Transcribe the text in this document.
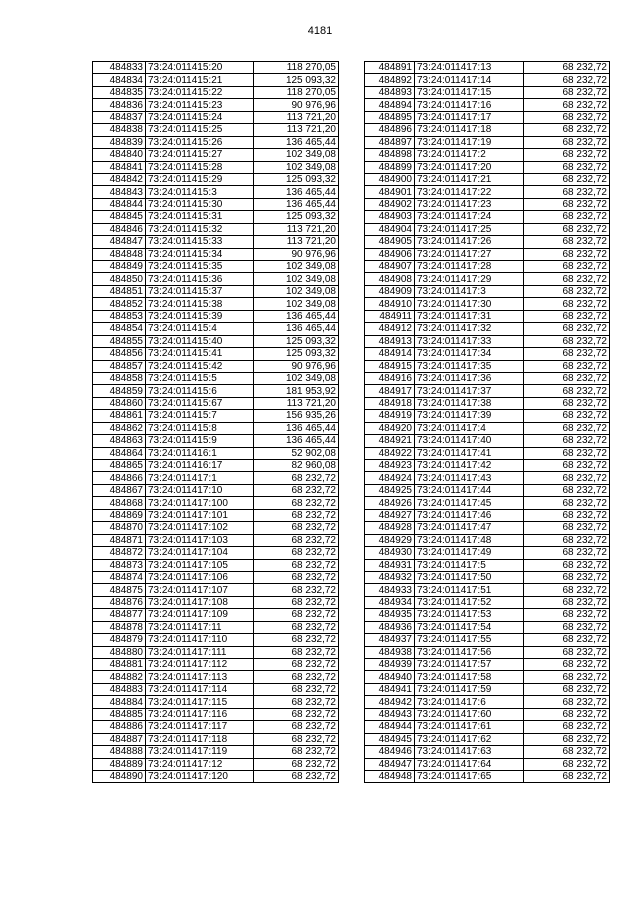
4181
484833	73:24:011415:20	118 270,05
484834	73:24:011415:21	125 093,32
484835	73:24:011415:22	118 270,05
484836	73:24:011415:23	90 976,96
484837	73:24:011415:24	113 721,20
484838	73:24:011415:25	113 721,20
484839	73:24:011415:26	136 465,44
484840	73:24:011415:27	102 349,08
484841	73:24:011415:28	102 349,08
484842	73:24:011415:29	125 093,32
484843	73:24:011415:3	136 465,44
484844	73:24:011415:30	136 465,44
484845	73:24:011415:31	125 093,32
484846	73:24:011415:32	113 721,20
484847	73:24:011415:33	113 721,20
484848	73:24:011415:34	90 976,96
484849	73:24:011415:35	102 349,08
484850	73:24:011415:36	102 349,08
484851	73:24:011415:37	102 349,08
484852	73:24:011415:38	102 349,08
484853	73:24:011415:39	136 465,44
484854	73:24:011415:4	136 465,44
484855	73:24:011415:40	125 093,32
484856	73:24:011415:41	125 093,32
484857	73:24:011415:42	90 976,96
484858	73:24:011415:5	102 349,08
484859	73:24:011415:6	181 953,92
484860	73:24:011415:67	113 721,20
484861	73:24:011415:7	156 935,26
484862	73:24:011415:8	136 465,44
484863	73:24:011415:9	136 465,44
484864	73:24:011416:1	52 902,08
484865	73:24:011416:17	82 960,08
484866	73:24:011417:1	68 232,72
484867	73:24:011417:10	68 232,72
484868	73:24:011417:100	68 232,72
484869	73:24:011417:101	68 232,72
484870	73:24:011417:102	68 232,72
484871	73:24:011417:103	68 232,72
484872	73:24:011417:104	68 232,72
484873	73:24:011417:105	68 232,72
484874	73:24:011417:106	68 232,72
484875	73:24:011417:107	68 232,72
484876	73:24:011417:108	68 232,72
484877	73:24:011417:109	68 232,72
484878	73:24:011417:11	68 232,72
484879	73:24:011417:110	68 232,72
484880	73:24:011417:111	68 232,72
484881	73:24:011417:112	68 232,72
484882	73:24:011417:113	68 232,72
484883	73:24:011417:114	68 232,72
484884	73:24:011417:115	68 232,72
484885	73:24:011417:116	68 232,72
484886	73:24:011417:117	68 232,72
484887	73:24:011417:118	68 232,72
484888	73:24:011417:119	68 232,72
484889	73:24:011417:12	68 232,72
484890	73:24:011417:120	68 232,72
484891	73:24:011417:13	68 232,72
484892	73:24:011417:14	68 232,72
484893	73:24:011417:15	68 232,72
484894	73:24:011417:16	68 232,72
484895	73:24:011417:17	68 232,72
484896	73:24:011417:18	68 232,72
484897	73:24:011417:19	68 232,72
484898	73:24:011417:2	68 232,72
484899	73:24:011417:20	68 232,72
484900	73:24:011417:21	68 232,72
484901	73:24:011417:22	68 232,72
484902	73:24:011417:23	68 232,72
484903	73:24:011417:24	68 232,72
484904	73:24:011417:25	68 232,72
484905	73:24:011417:26	68 232,72
484906	73:24:011417:27	68 232,72
484907	73:24:011417:28	68 232,72
484908	73:24:011417:29	68 232,72
484909	73:24:011417:3	68 232,72
484910	73:24:011417:30	68 232,72
484911	73:24:011417:31	68 232,72
484912	73:24:011417:32	68 232,72
484913	73:24:011417:33	68 232,72
484914	73:24:011417:34	68 232,72
484915	73:24:011417:35	68 232,72
484916	73:24:011417:36	68 232,72
484917	73:24:011417:37	68 232,72
484918	73:24:011417:38	68 232,72
484919	73:24:011417:39	68 232,72
484920	73:24:011417:4	68 232,72
484921	73:24:011417:40	68 232,72
484922	73:24:011417:41	68 232,72
484923	73:24:011417:42	68 232,72
484924	73:24:011417:43	68 232,72
484925	73:24:011417:44	68 232,72
484926	73:24:011417:45	68 232,72
484927	73:24:011417:46	68 232,72
484928	73:24:011417:47	68 232,72
484929	73:24:011417:48	68 232,72
484930	73:24:011417:49	68 232,72
484931	73:24:011417:5	68 232,72
484932	73:24:011417:50	68 232,72
484933	73:24:011417:51	68 232,72
484934	73:24:011417:52	68 232,72
484935	73:24:011417:53	68 232,72
484936	73:24:011417:54	68 232,72
484937	73:24:011417:55	68 232,72
484938	73:24:011417:56	68 232,72
484939	73:24:011417:57	68 232,72
484940	73:24:011417:58	68 232,72
484941	73:24:011417:59	68 232,72
484942	73:24:011417:6	68 232,72
484943	73:24:011417:60	68 232,72
484944	73:24:011417:61	68 232,72
484945	73:24:011417:62	68 232,72
484946	73:24:011417:63	68 232,72
484947	73:24:011417:64	68 232,72
484948	73:24:011417:65	68 232,72
